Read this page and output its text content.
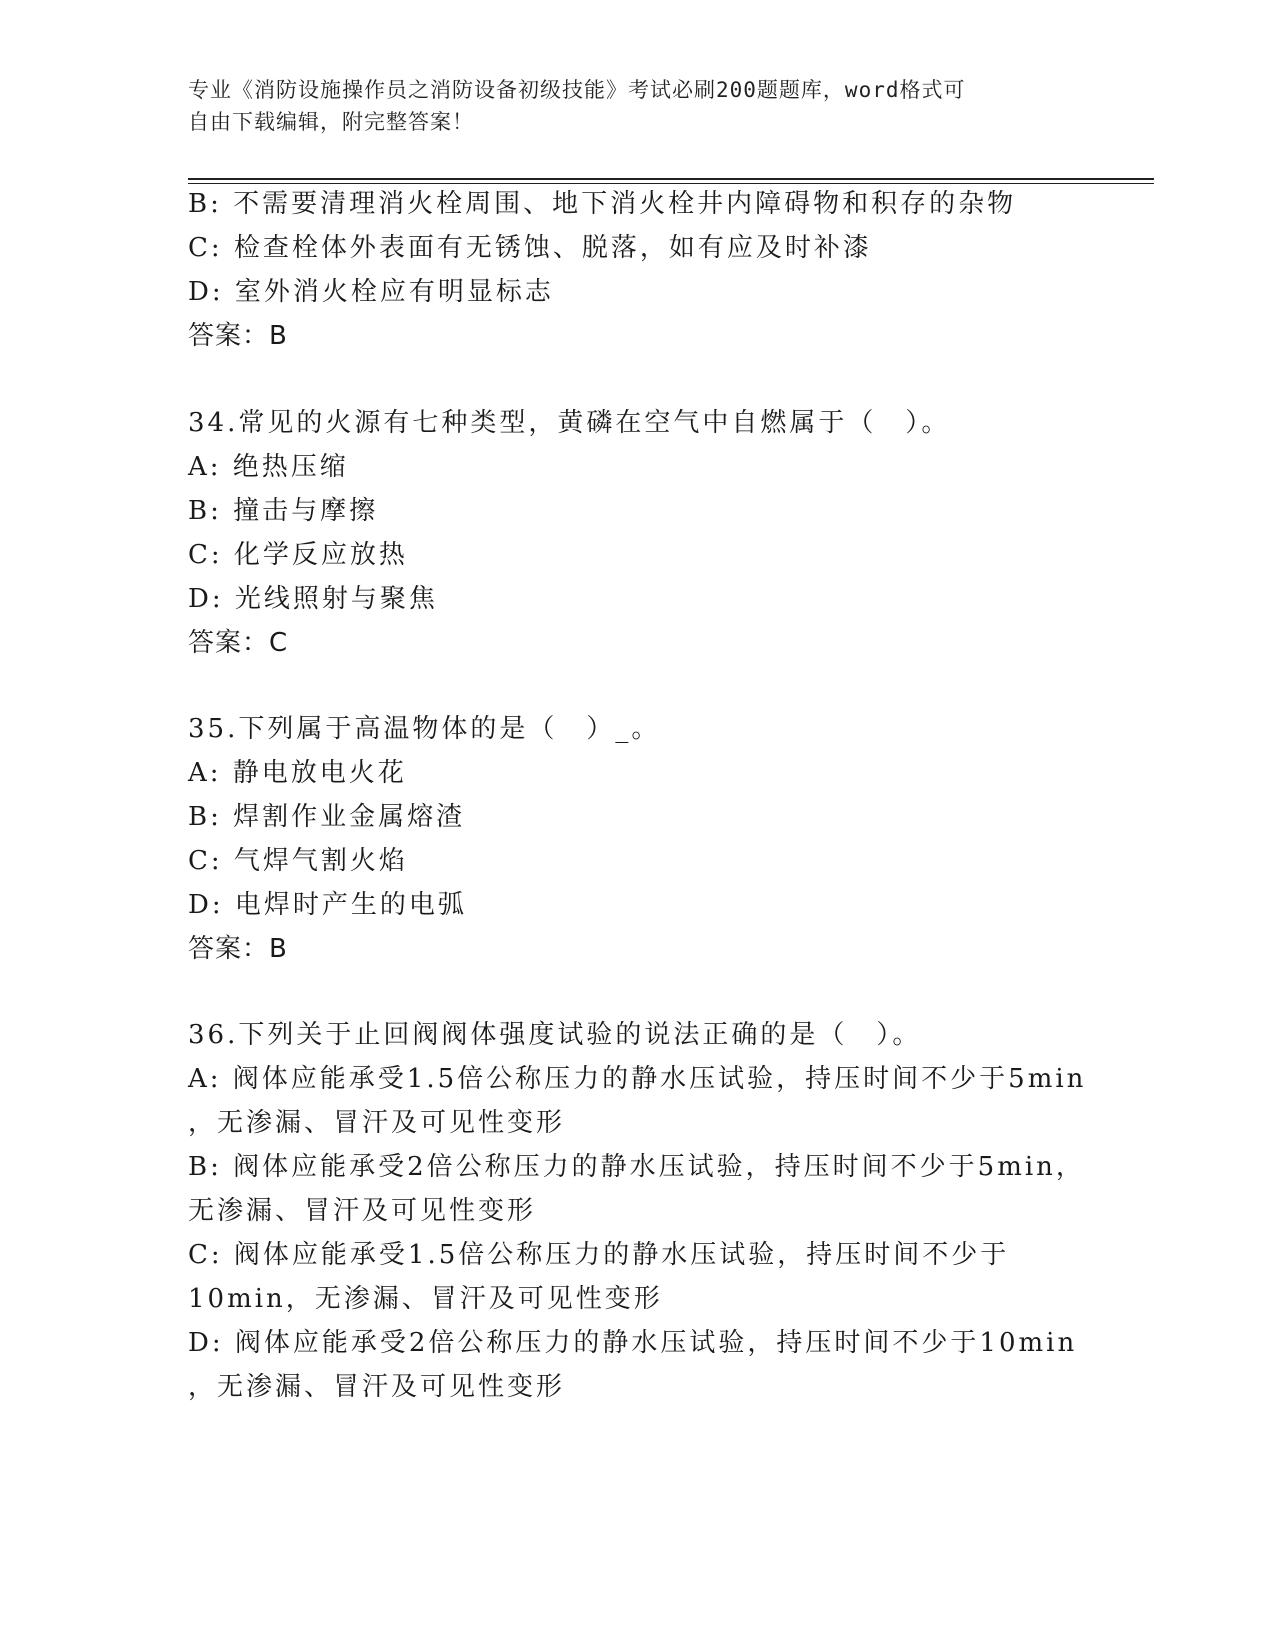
专业《消防设施操作员之消防设备初级技能》考试必刷200题题库，word格式可
自由下载编辑，附完整答案！
B: 不需要清理消火栓周围、地下消火栓井内障碍物和积存的杂物
C: 检查栓体外表面有无锈蚀、脱落，如有应及时补漆
D: 室外消火栓应有明显标志
答案：B
34.常见的火源有七种类型，黄磷在空气中自燃属于（　）。
A: 绝热压缩
B: 撞击与摩擦
C: 化学反应放热
D: 光线照射与聚焦
答案：C
35.下列属于高温物体的是（　）_。
A: 静电放电火花
B: 焊割作业金属熔渣
C: 气焊气割火焰
D: 电焊时产生的电弧
答案：B
36.下列关于止回阀阀体强度试验的说法正确的是（　）。
A: 阀体应能承受1.5倍公称压力的静水压试验，持压时间不少于5min
，无渗漏、冒汗及可见性变形
B: 阀体应能承受2倍公称压力的静水压试验，持压时间不少于5min，
无渗漏、冒汗及可见性变形
C: 阀体应能承受1.5倍公称压力的静水压试验，持压时间不少于
10min，无渗漏、冒汗及可见性变形
D: 阀体应能承受2倍公称压力的静水压试验，持压时间不少于10min
，无渗漏、冒汗及可见性变形
